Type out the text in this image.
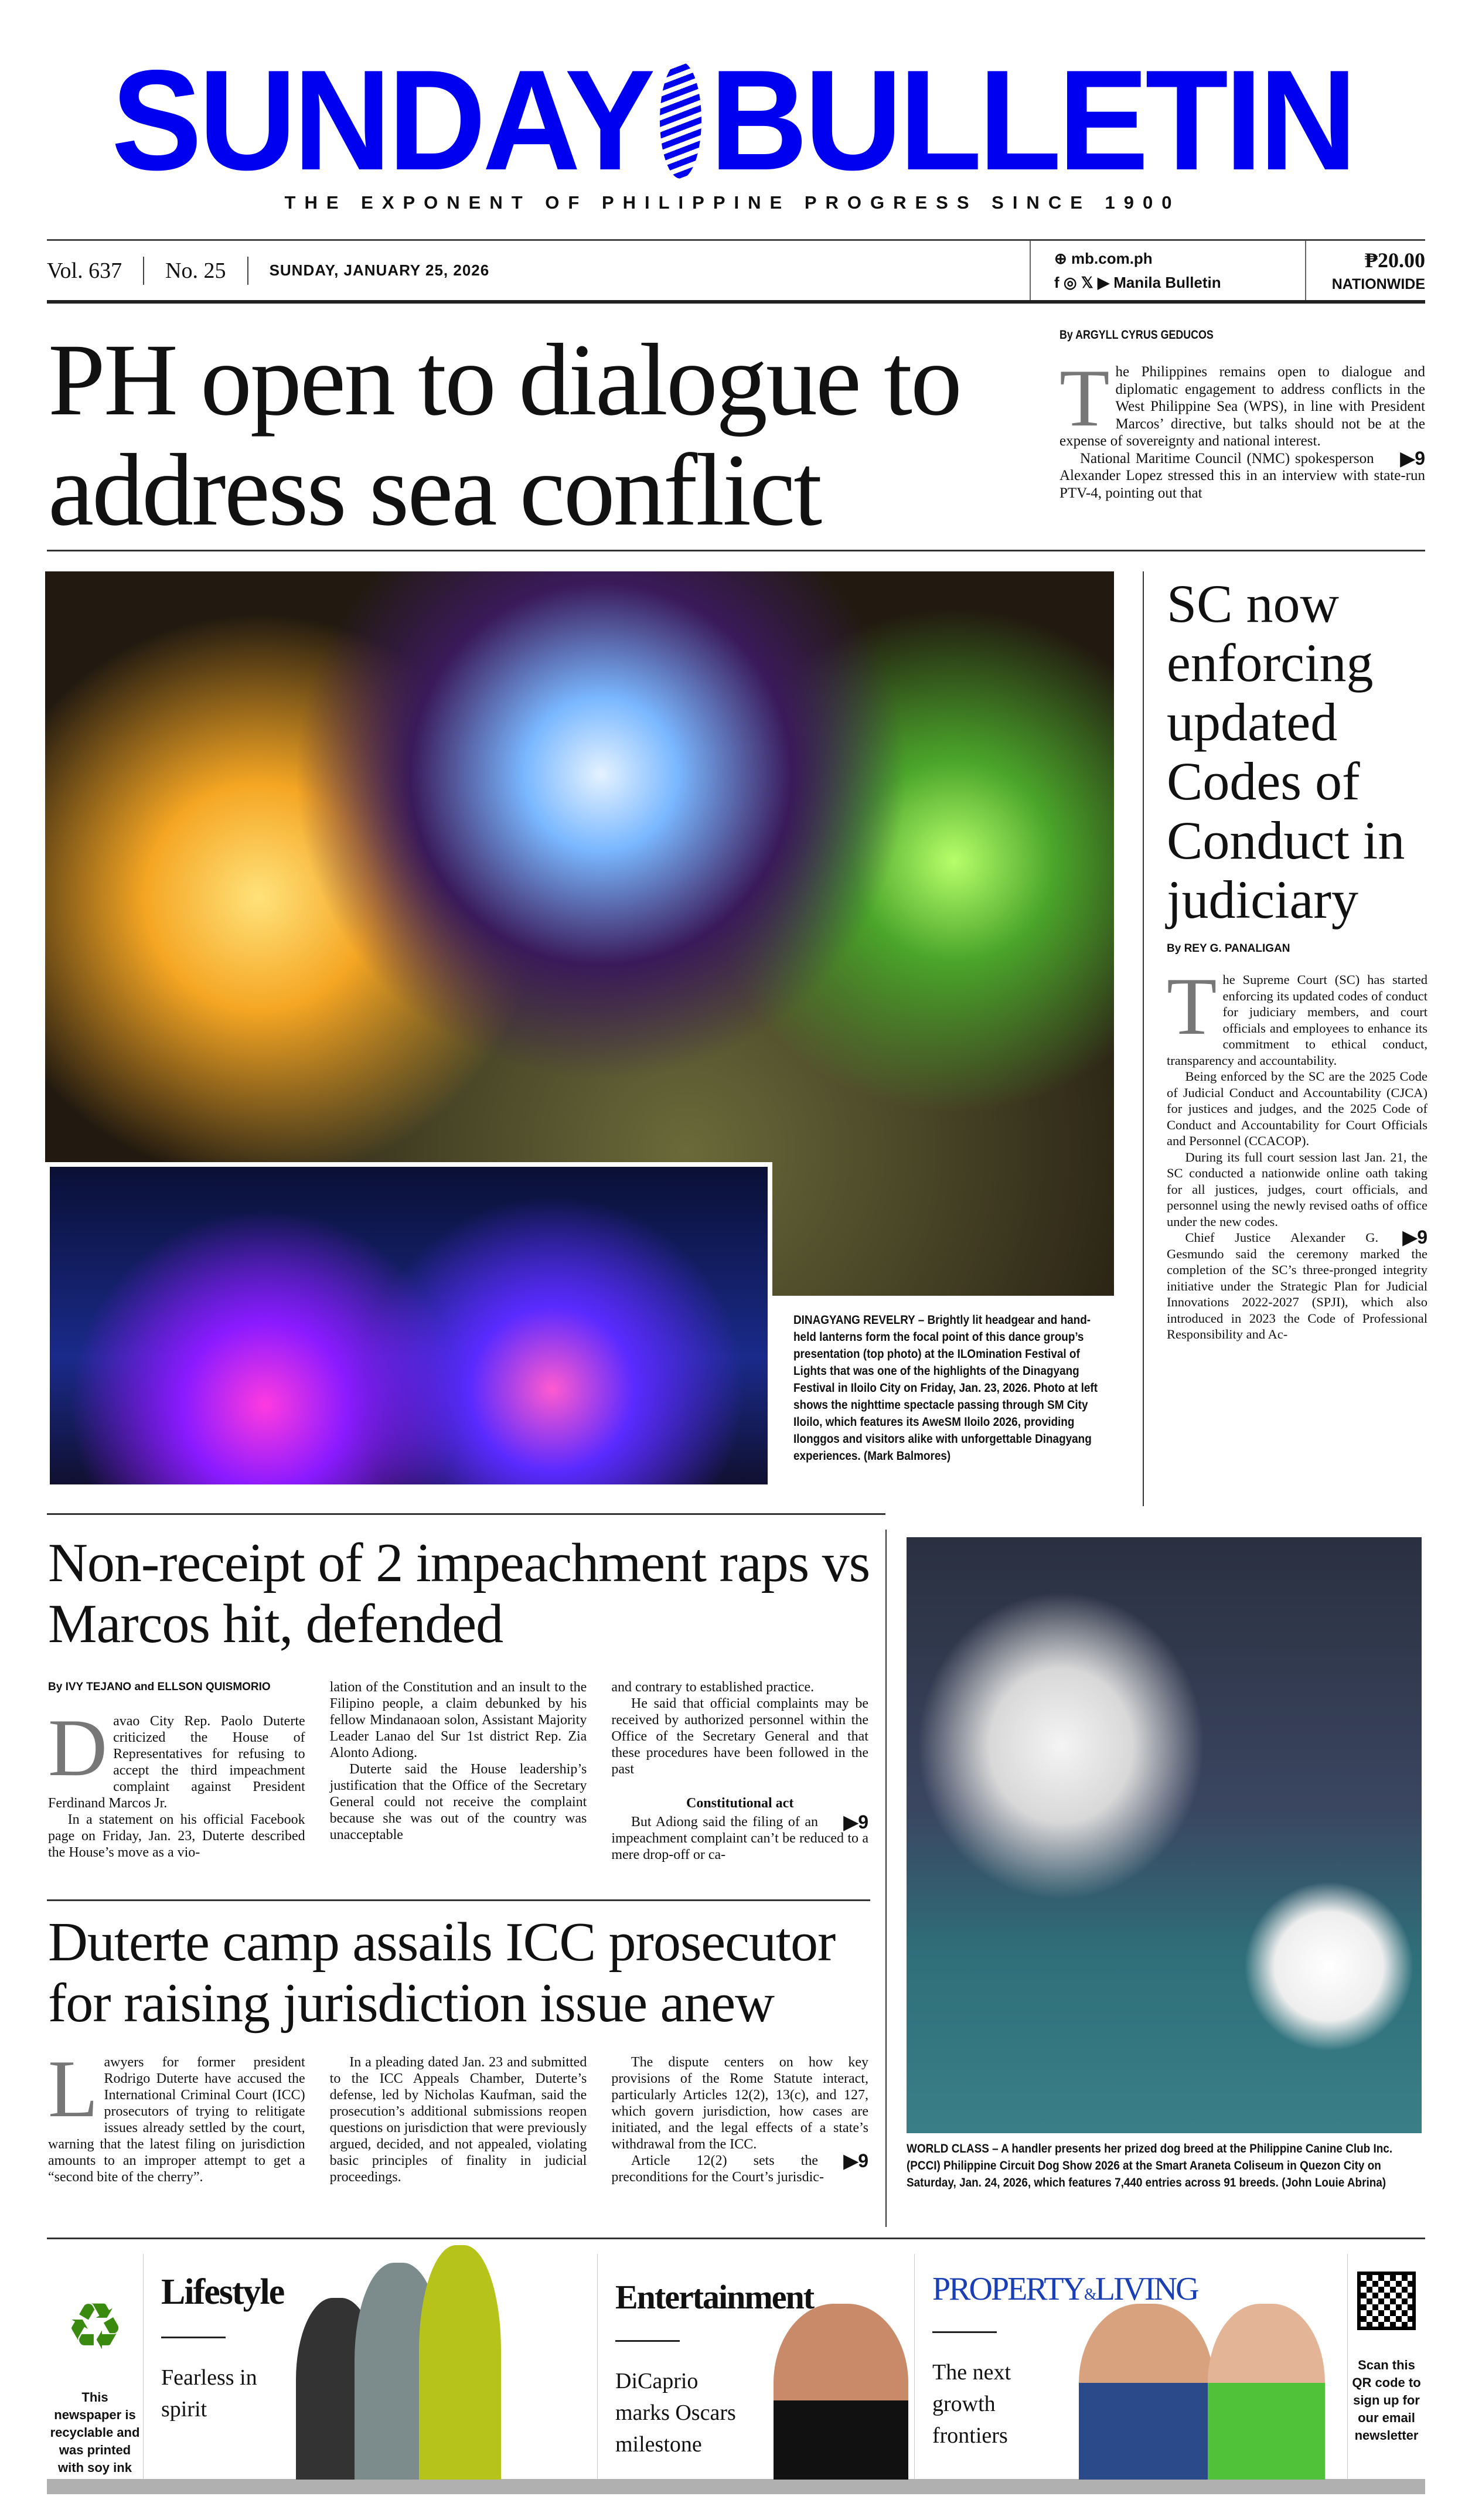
SUNDAY BULLETIN
THE EXPONENT OF PHILIPPINE PROGRESS SINCE 1900
Vol. 637	No. 25	SUNDAY, JANUARY 25, 2026
⊕ mb.com.ph
f ◎ 𝕏 ▶ Manila Bulletin
₱20.00
NATIONWIDE
PH open to dialogue to address sea conflict
By ARGYLL CYRUS GEDUCOS
T he Philippines remains open to dialogue and diplomatic engagement to address conflicts in the West Philippine Sea (WPS), in line with President Marcos’ directive, but talks should not be at the expense of sovereignty and national interest.

▶9
National Maritime Council (NMC) spokesperson Alexander Lopez stressed this in an interview with state-run PTV-4, pointing out that

DINAGYANG REVELRY – Brightly lit headgear and hand-held lanterns form the focal point of this dance group’s presentation (top photo) at the ILOmination Festival of Lights that was one of the highlights of the Dinagyang Festival in Iloilo City on Friday, Jan. 23, 2026. Photo at left shows the nighttime spectacle passing through SM City Iloilo, which features its AweSM Iloilo 2026, providing Ilonggos and visitors alike with unforgettable Dinagyang experiences. (Mark Balmores)
SC now enforcing updated Codes of Conduct in judiciary
By REY G. PANALIGAN
T he Supreme Court (SC) has started enforcing its updated codes of conduct for judiciary members, and court officials and employees to enhance its commitment to ethical conduct, transparency and accountability.

Being enforced by the SC are the 2025 Code of Judicial Conduct and Accountability (CJCA) for justices and judges, and the 2025 Code of Conduct and Accountability for Court Officials and Personnel (CCACOP).

During its full court session last Jan. 21, the SC conducted a nationwide online oath taking for all justices, judges, court officials, and personnel using the newly revised oaths of office under the new codes.

▶9
Chief Justice Alexander G. Gesmundo said the ceremony marked the completion of the SC’s three-pronged integrity initiative under the Strategic Plan for Judicial Innovations 2022-2027 (SPJI), which also introduced in 2023 the Code of Professional Responsibility and Ac-

Non-receipt of 2 impeachment raps vs Marcos hit, defended
By IVY TEJANO and ELLSON QUISMORIO
D avao City Rep. Paolo Duterte criticized the House of Representatives for refusing to accept the third impeachment complaint against President Ferdinand Marcos Jr.

In a statement on his official Facebook page on Friday, Jan. 23, Duterte described the House’s move as a vio-

lation of the Constitution and an insult to the Filipino people, a claim debunked by his fellow Mindanaoan solon, Assistant Majority Leader Lanao del Sur 1st district Rep. Zia Alonto Adiong.

Duterte said the House leadership’s justification that the Office of the Secretary General could not receive the complaint because she was out of the country was unacceptable

and contrary to established practice.

He said that official complaints may be received by authorized personnel within the Office of the Secretary General and that these procedures have been followed in the past

Constitutional act

▶9
But Adiong said the filing of an impeachment complaint can’t be reduced to a mere drop-off or ca-

Duterte camp assails ICC prosecutor for raising jurisdiction issue anew
L awyers for former president Rodrigo Duterte have accused the International Criminal Court (ICC) prosecutors of trying to relitigate issues already settled by the court, warning that the latest filing on jurisdiction amounts to an improper attempt to get a “second bite of the cherry”.

In a pleading dated Jan. 23 and submitted to the ICC Appeals Chamber, Duterte’s defense, led by Nicholas Kaufman, said the prosecution’s additional submissions reopen questions on jurisdiction that were previously argued, decided, and not appealed, violating basic principles of finality in judicial proceedings.

The dispute centers on how key provisions of the Rome Statute interact, particularly Articles 12(2), 13(c), and 127, which govern jurisdiction, how cases are initiated, and the legal effects of a state’s withdrawal from the ICC.

▶9
Article 12(2) sets the preconditions for the Court’s jurisdic-

WORLD CLASS – A handler presents her prized dog breed at the Philippine Canine Club Inc. (PCCI) Philippine Circuit Dog Show 2026 at the Smart Araneta Coliseum in Quezon City on Saturday, Jan. 24, 2026, which features 7,440 entries across 91 breeds. (John Louie Abrina)
♻
This newspaper is recyclable and was printed with soy ink
Lifestyle
Fearless in spirit
Entertainment
DiCaprio marks Oscars milestone
PROPERTY&LIVING
The next growth frontiers
Scan this QR code to sign up for our email newsletter
